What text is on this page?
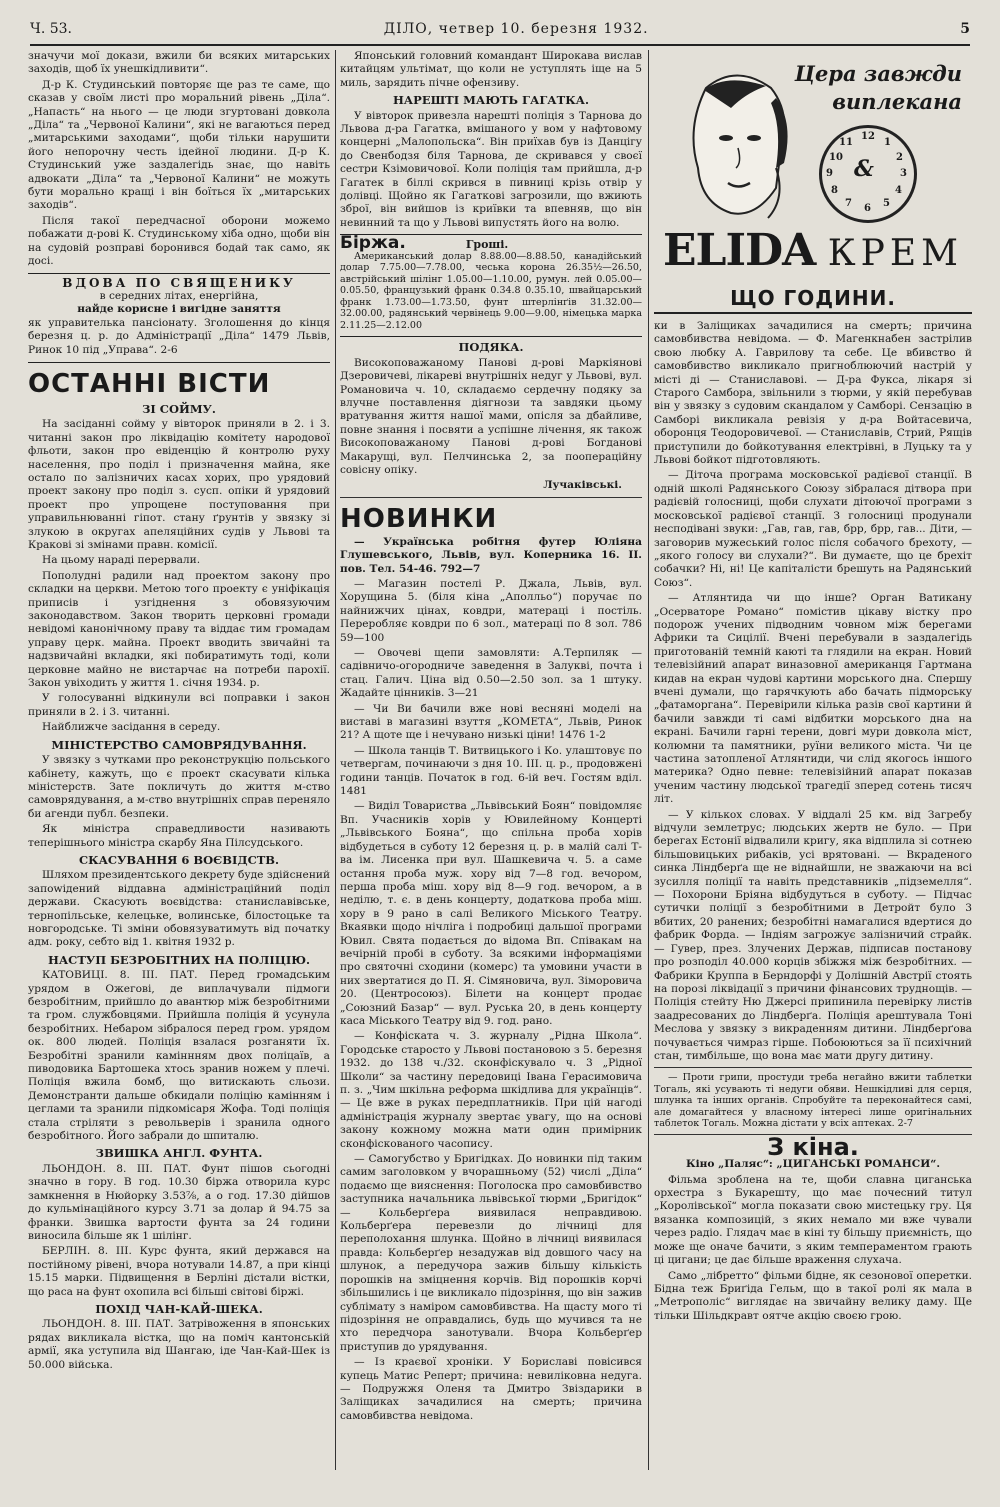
Ч. 53.	ДІЛО, четвер 10. березня 1932.	5

значучи мої докази, вжили би всяких митарських заходів, щоб їх унешкідливити“.

Д-р К. Студинський повторяє ще раз те саме, що сказав у своїм листі про моральний рівень „Діла“. „Напасть“ на нього — це люди згуртовані довкола „Діла“ та „Червоної Калини“, які не вагаються перед „митарськими заходами“, щоби тільки нарушити його непорочну честь ідейної людини. Д-р К. Студинський уже заздалегідь знає, що навіть адвокати „Діла“ та „Червоної Калини“ не можуть бути морально кращі і він боїться їх „митарських заходів“.

Після такої передчасної оборони можемо побажати д-рові К. Студинському хіба одно, щоби він на судовій розправі боронився бодай так само, як досі.

ВДОВА ПО СВЯЩЕНИКУ
в середних літах, енергійна,
найде корисне і вигідне заняття

як управителька пансіонату. Зголошення до кінця березня ц. р. до Адміністрації „Діла“ 1479 Львів, Ринок 10 під „Управа“. 2-6

ОСТАННІ ВІСТИ
ЗІ СОЙМУ.

На засіданні сойму у вівторок приняли в 2. і 3. читанні закон про ліквідацію комітету народової фльоти, закон про евіденцію й контролю руху населення, про поділ і призначення майна, яке остало по залізничих касах хорих, про урядовий проект закону про поділ з. сусп. опіки й урядовий проект про упрощене поступовання при управильнюванні гіпот. стану ґрунтів у звязку зі злукою в округах апеляційних судів у Львові та Кракові зі змінами правн. комісії.

На цьому нараді перервали.

Пополудні радили над проектом закону про складки на церкви. Метою того проекту є уніфікація приписів і узгіднення з обовязуючим законодавством. Закон творить церковні громади невідомі канонічному праву та віддає тим громадам управу церк. майна. Проект вводить звичайні та надзвичайні вкладки, які побиратимуть тоді, коли церковне майно не вистарчає на потреби парохії. Закон увіходить у життя 1. січня 1934. р.

У голосуванні відкинули всі поправки і закон приняли в 2. і 3. читанні.

Найближче засідання в середу.

МІНІСТЕРСТВО САМОВРЯДУВАННЯ.

У звязку з чутками про реконструкцію польського кабінету, кажуть, що є проект скасувати кілька міністерств. Зате покличуть до життя м-ство самоврядування, а м-ство внутрішніх справ переняло би агенди публ. безпеки.

Як міністра справедливости називають теперішнього міністра скарбу Яна Пілсудського.

СКАСУВАННЯ 6 ВОЄВІДСТВ.

Шляхом президентського декрету буде здійснений запowідений віддавна адміністраційний поділ держави. Скасують воєвідства: станиславівське, тернопільське, келецьке, волинське, білостоцьке та новгородське. Ті зміни обовязуватимуть від початку адм. року, себто від 1. квітня 1932 р.

НАСТУП БЕЗРОБІТНИХ НА ПОЛІЦІЮ.

КАТОВИЦІ. 8. ІІІ. ПАТ. Перед громадським урядом в Ожегові, де виплачували підмоги безробітним, прийшло до авантюр між безробітними та гром. службовцями. Прийшла поліція й усунула безробітних. Небаром зібралося перед гром. урядом ок. 800 людей. Поліція взалася розганяти їх. Безробітні зранили каміннням двох поліцаїв, а пиводовика Бартошека хтось зранив ножем у плечі. Поліція вжила бомб, що витискають сльози. Демонстранти дальше обкидали поліцію камінням і цеглами та зранили підкомісаря Жофа. Тоді поліція стала стріляти з револьверів і зранила одного безробітного. Його забрали до шпиталю.

ЗВИШКА АНГЛ. ФУНТА.

ЛЬОНДОН. 8. ІІІ. ПАТ. Фунт пішов сьогодні значно в гору. В год. 10.30 біржа отворила курс замкнення в Нюйорку 3.53⅞, а о год. 17.30 дійшов до кульмінаційного курсу 3.71 за долар й 94.75 за франки. Звишка вартости фунта за 24 години виносила більше як 1 шілінг.

БЕРЛІН. 8. ІІІ. Курс фунта, який держався на постійному рівені, вчора нотували 14.87, а при кінці 15.15 марки. Підвищення в Берліні дістали вістки, що раса на фунт охопила всі більші світові біржі.

ПОХІД ЧАН-КАЙ-ШЕКА.

ЛЬОНДОН. 8. ІІІ. ПАТ. Затрівоження в японських рядах викликала вістка, що на поміч кантонській армії, яка уступила від Шангаю, іде Чан-Кай-Шек із 50.000 війська.

Японський головний командант Широкава вислав китайцям ультімат, що коли не уступлять іще на 5 миль, зарядить пічне офензиву.

НАРЕШТІ МАЮТЬ ГАГАТКА.

У вівторок привезла нарешті поліція з Тарнова до Львова д-ра Гагатка, вмішаного у вом у нафтовому концерні „Малопольска“. Він приїхав був із Данцігу до Свенбодзя біля Тарнова, де скривався у своєї сестри Кзімовичової. Коли поліція там прийшла, д-р Гагатек в біллі скрився в пивниці крізь отвір у долівці. Щойно як Гагаткові загрозили, що вжиють зброї, він вийшов із криївки та впевняв, що він невинний та що у Львові випустять його на волю.

Біржа.	Гроші.

Американський долар 8.88.00—8.88.50, канадійський долар 7.75.00—7.78.00, чеська корона 26.35½—26.50, австрійський шілінг 1.05.00—1.10.00, румун. лей 0.05.00—0.05.50, французький франк 0.34.8 0.35.10, швайцарський франк 1.73.00—1.73.50, фунт штерлінґів 31.32.00—32.00.00, радянський червінець 9.00—9.00, німецька марка 2.11.25—2.12.00

ПОДЯКА.

Високоповажаному Панові д-рові Маркіянові Дзеровичеві, лікареві внутрішніх недуг у Львові, вул. Романовича ч. 10, складаємо сердечну подяку за влучне поставлення діягнози та завдяки цьому вратування життя нашої мами, опісля за дбайливе, повне знання і посвяти а успішне лічення, як також Високоповажаному Панові д-рові Богданові Макарущі, вул. Пелчинська 2, за пooперaційну совісну опіку.

Лучаківські.
НОВИНКИ

— Українська робітня футер Юліяна Глушевського, Львів, вул. Коперника 16. II. пов. Тел. 54-46. 792—7

— Магазин постелі Р. Джала, Львів, вул. Хорущина 5. (біля кіна „Аполльо“) поручає по найнижчих цінах, ковдри, матераці і постіль. Переробляє ковдри по 6 зол., матераці по 8 зол. 786 59—100

— Овочеві щепи замовляти: А.Терпиляк — садівничо-огородниче заведення в Залукві, почта і стац. Галич. Ціна від 0.50—2.50 зол. за 1 штуку. Жадайте цінників. 3—21

— Чи Ви бачили вже нові весняні моделі на виставі в магазині взуття „КОМЕТА“, Львів, Ринок 21? А щоте ще і нечувано низькі ціни! 1476 1-2

— Школа танців Т. Витвицького і Ко. улаштовує по четвергам, починаючи з дня 10. ІІІ. ц. р., продовжені години танців. Початок в год. 6-ій веч. Гостям вділ. 1481

— Виділ Товариства „Львівський Боян“ повідомляє Вп. Учасників хорів у Ювилейному Концерті „Львівського Бояна“, що спільна проба хорів відбудеться в суботу 12 березня ц. р. в малій салі Т-ва ім. Лисенка при вул. Шашкевича ч. 5. а саме остання проба муж. хору від 7—8 год. вечором, перша проба міш. хору від 8—9 год. вечором, а в неділю, т. є. в день концерту, додаткова проба міш. хору в 9 рано в салі Великого Міського Театру. Вкаявки щодо нічліга і подробиці дальшої програми Ювил. Свята подається до відома Вп. Співакам на вечірній пробі в суботу. За всякими інформаціями про святочні сходини (комерс) та умовини участи в них звертатися до П. Я. Сімяновича, вул. Зіморовича 20. (Центросоюз). Білети на концерт продає „Союзний Базар“ — вул. Руська 20, в день концерту каса Міського Театру від 9. год. рано.

— Конфіската ч. 3. журналу „Рідна Школа“. Городське старосто у Львові постановою з 5. березня 1932. до 138 ч./32. сконфіскувало ч. 3 „Рідної Школи“ за частину передовиці Івана Герасимовича п. з. „Чим шкільна реформа шкідлива для українців“. — Це вже в руках передплатників. При цій нагоді адміністрація журналу звертає увагу, що на основі закону кожному можна мати один примірник сконфіскованого часопису.

— Самогубство у Бригідках. До новинки під таким самим заголовком у вчорашньому (52) числі „Діла“ подаємо ще вияснення: Поголоска про самовбивство заступника начальника львівської тюрми „Бригідок“ — Кольберґера виявилася неправдивою. Кольберґера перевезли до лічниці для переполохання шлунка. Щойно в лічниці виявилася правда: Кольберґер незадужав від довшого часу на шлунок, а передучора зажив більшу кількість порошків на зміцнення корчів. Від порошків корчі збільшились і це викликало підозріння, що він зажив сублімату з наміром самовбивства. На щасту мого ті підозріння не оправдались, будь що мучився та не хто передчора занотували. Вчора Кольберґер приступив до урядування.

— Із краєвої хроніки. У Бориславі повісився купець Матис Реперт; причина: невиліковна недуга. — Подружжя Оленя та Дмитро Звіздарики в Заліщиках зачадилися на смерть; причина самовбивства невідома.

Цера завжди
виплекана
12
1
2
3
4
5
6
7
8
9
10
11
&
ELIDA КРЕМ
ЩО ГОДИНИ.

ки в Заліщиках зачадилися на смерть; причина самовбивства невідома. — Ф. Магенкнабен застрілив свою любку А. Гаврилову та себе. Це вбивство й самовбивство викликало пригноблюючий настрій у місті ді — Станиславові. — Д-ра Фукса, лікаря зі Старого Самбора, звільнили з тюрми, у якій перебував він у звязку з судовим скандалом у Самборі. Сензацію в Самборі викликала ревізія у д-ра Войтасевича, оборонця Теодоровичевої. — Станиславів, Стрий, Рящів приступили до бойкотування електрівні, в Луцьку та у Львові бойкот підготовляють.

— Діточа програма московської радієвої станції. В одній школі Радянського Союзу зібралася дітвора при радієвій голосниці, щоби слухати дітоючої програми з московської радієвої станції. З голосниці продунали несподівані звуки: „Гав, гав, гав, брр, брр, гав... Діти, — заговорив мужеський голос після собачого брехоту, — „якого голосу ви слухали?“. Ви думаєте, що це брехіт собачки? Ні, ні! Це капіталісти брешуть на Радянський Союз“.

— Атлянтида чи що інше? Орган Ватикану „Осерваторе Романо“ помістив цікаву вістку про подорож учених підводним човном між берегами Африки та Сицілії. Вчені перебували в заздалегідь приготованій темній каюті та глядили на екран. Новий телевізійний апарат виназовної американця Гартмана кидав на екран чудові картини морського дна. Спершу вчені думали, що гарячкують або бачать підморську „фатаморгана“. Перевірили кілька разів свої картини й бачили завжди ті самі відбитки морського дна на екрані. Бачили гарні терени, довгі мури довкола міст, колюмни та памятники, руїни великого міста. Чи це частина затопленої Атлянтиди, чи слід якогось іншого материка? Одно певне: телевізійний апарат показав ученим частину людської трагедії зперед сотень тисяч літ.

— У кількох словах. У віддалі 25 км. від Загребу відчули землетрус; людських жертв не було. — При берегах Естонії відвалили кригу, яка відплила зі сотнею більшовицьких рибаків, усі врятовані. — Вкраденого синка Ліндберґа ще не віднайшли, не зважаючи на всі зусилля поліції та навіть представників „підземелля“. — Похорони Бріяна відбудуться в суботу. — Підчас сутички поліції з безробітними в Детройт було 3 вбитих, 20 ранених; безробітні намагалися вдертися до фабрик Форда. — Індіям загрожує залізничий страйк. — Гувер, през. Злучених Держав, підписав постанову про розподіл 40.000 корців збіжжя між безробітних. — Фабрики Круппа в Берндорфі у Долішній Австрії стоять на порозі ліквідації з причини фінансових труднощів. — Поліція стейту Ню Джерсі припинила перевірку листів заадресованих до Ліндберґа. Поліція арештувала Тоні Меслова у звязку з викраденням дитини. Ліндберґова почувається чимраз гірше. Побоюються за її психічний стан, тимбільше, що вона має мати другу дитину.

— Проти грипи, простуди треба негайно вжити таблетки Тогаль, які усувають ті недуги обяви. Нешкідливі для серця, шлунка та інших органів. Спробуйте та переконайтеся самі, але домагайтеся у власному інтересі лише оригінальних таблеток Тогаль. Можна дістати у всіх аптеках. 2-7

З кіна.
Кіно „Паляс“: „ЦИГАНСЬКІ РОМАНСИ“.

Фільма зроблена на те, щоби славна циганська орхестра з Букарешту, що має почесний титул „Королівської“ могла показати свою мистецьку гру. Ця вязанка композицій, з яких немало ми вже чували через радіо. Глядач має в кіні ту більшу приємність, що може ще оначе бачити, з яким темпераментом грають ці цигани; це дає більше враження слухача.

Само „лібретто“ фільми бідне, як сезонової оперетки. Бідна теж Бриґіда Гельм, що в такої ролі як мала в „Метрополіс“ виглядає на звичайну велику даму. Ще тільки Шільдкрaвт оятче акцію своєю грою.
